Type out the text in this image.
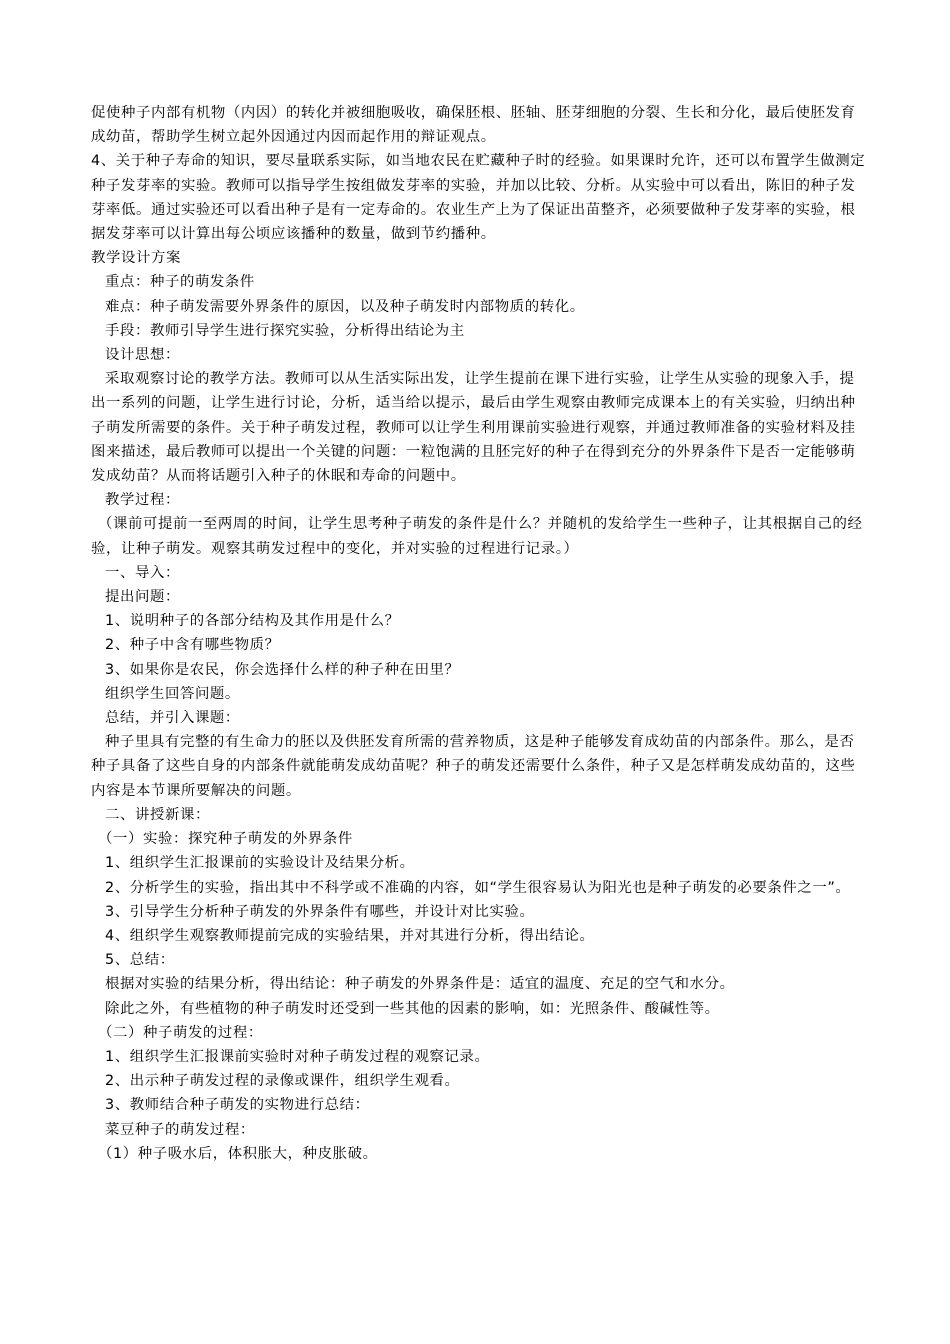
促使种子内部有机物（内因）的转化并被细胞吸收，确保胚根、胚轴、胚芽细胞的分裂、生长和分化，最后使胚发育成幼苗，帮助学生树立起外因通过内因而起作用的辩证观点。

4、关于种子寿命的知识，要尽量联系实际，如当地农民在贮藏种子时的经验。如果课时允许，还可以布置学生做测定种子发芽率的实验。教师可以指导学生按组做发芽率的实验，并加以比较、分析。从实验中可以看出，陈旧的种子发芽率低。通过实验还可以看出种子是有一定寿命的。农业生产上为了保证出苗整齐，必须要做种子发芽率的实验，根据发芽率可以计算出每公顷应该播种的数量，做到节约播种。

教学设计方案

重点：种子的萌发条件

难点：种子萌发需要外界条件的原因，以及种子萌发时内部物质的转化。

手段：教师引导学生进行探究实验，分析得出结论为主

设计思想：

采取观察讨论的教学方法。教师可以从生活实际出发，让学生提前在课下进行实验，让学生从实验的现象入手，提出一系列的问题，让学生进行讨论，分析，适当给以提示，最后由学生观察由教师完成课本上的有关实验，归纳出种子萌发所需要的条件。关于种子萌发过程，教师可以让学生利用课前实验进行观察，并通过教师准备的实验材料及挂图来描述，最后教师可以提出一个关键的问题：一粒饱满的且胚完好的种子在得到充分的外界条件下是否一定能够萌发成幼苗？从而将话题引入种子的休眠和寿命的问题中。

教学过程：

（课前可提前一至两周的时间，让学生思考种子萌发的条件是什么？并随机的发给学生一些种子，让其根据自己的经验，让种子萌发。观察其萌发过程中的变化，并对实验的过程进行记录。）

一、导入：

提出问题：

1、说明种子的各部分结构及其作用是什么？

2、种子中含有哪些物质？

3、如果你是农民，你会选择什么样的种子种在田里？

组织学生回答问题。

总结，并引入课题：

种子里具有完整的有生命力的胚以及供胚发育所需的营养物质，这是种子能够发育成幼苗的内部条件。那么，是否种子具备了这些自身的内部条件就能萌发成幼苗呢？种子的萌发还需要什么条件，种子又是怎样萌发成幼苗的，这些内容是本节课所要解决的问题。

二、讲授新课：

（一）实验：探究种子萌发的外界条件

1、组织学生汇报课前的实验设计及结果分析。

2、分析学生的实验，指出其中不科学或不准确的内容，如“学生很容易认为阳光也是种子萌发的必要条件之一”。

3、引导学生分析种子萌发的外界条件有哪些，并设计对比实验。

4、组织学生观察教师提前完成的实验结果，并对其进行分析，得出结论。

5、总结：

根据对实验的结果分析，得出结论：种子萌发的外界条件是：适宜的温度、充足的空气和水分。

除此之外，有些植物的种子萌发时还受到一些其他的因素的影响，如：光照条件、酸碱性等。

（二）种子萌发的过程：

1、组织学生汇报课前实验时对种子萌发过程的观察记录。

2、出示种子萌发过程的录像或课件，组织学生观看。

3、教师结合种子萌发的实物进行总结：

菜豆种子的萌发过程：

（1）种子吸水后，体积胀大，种皮胀破。
